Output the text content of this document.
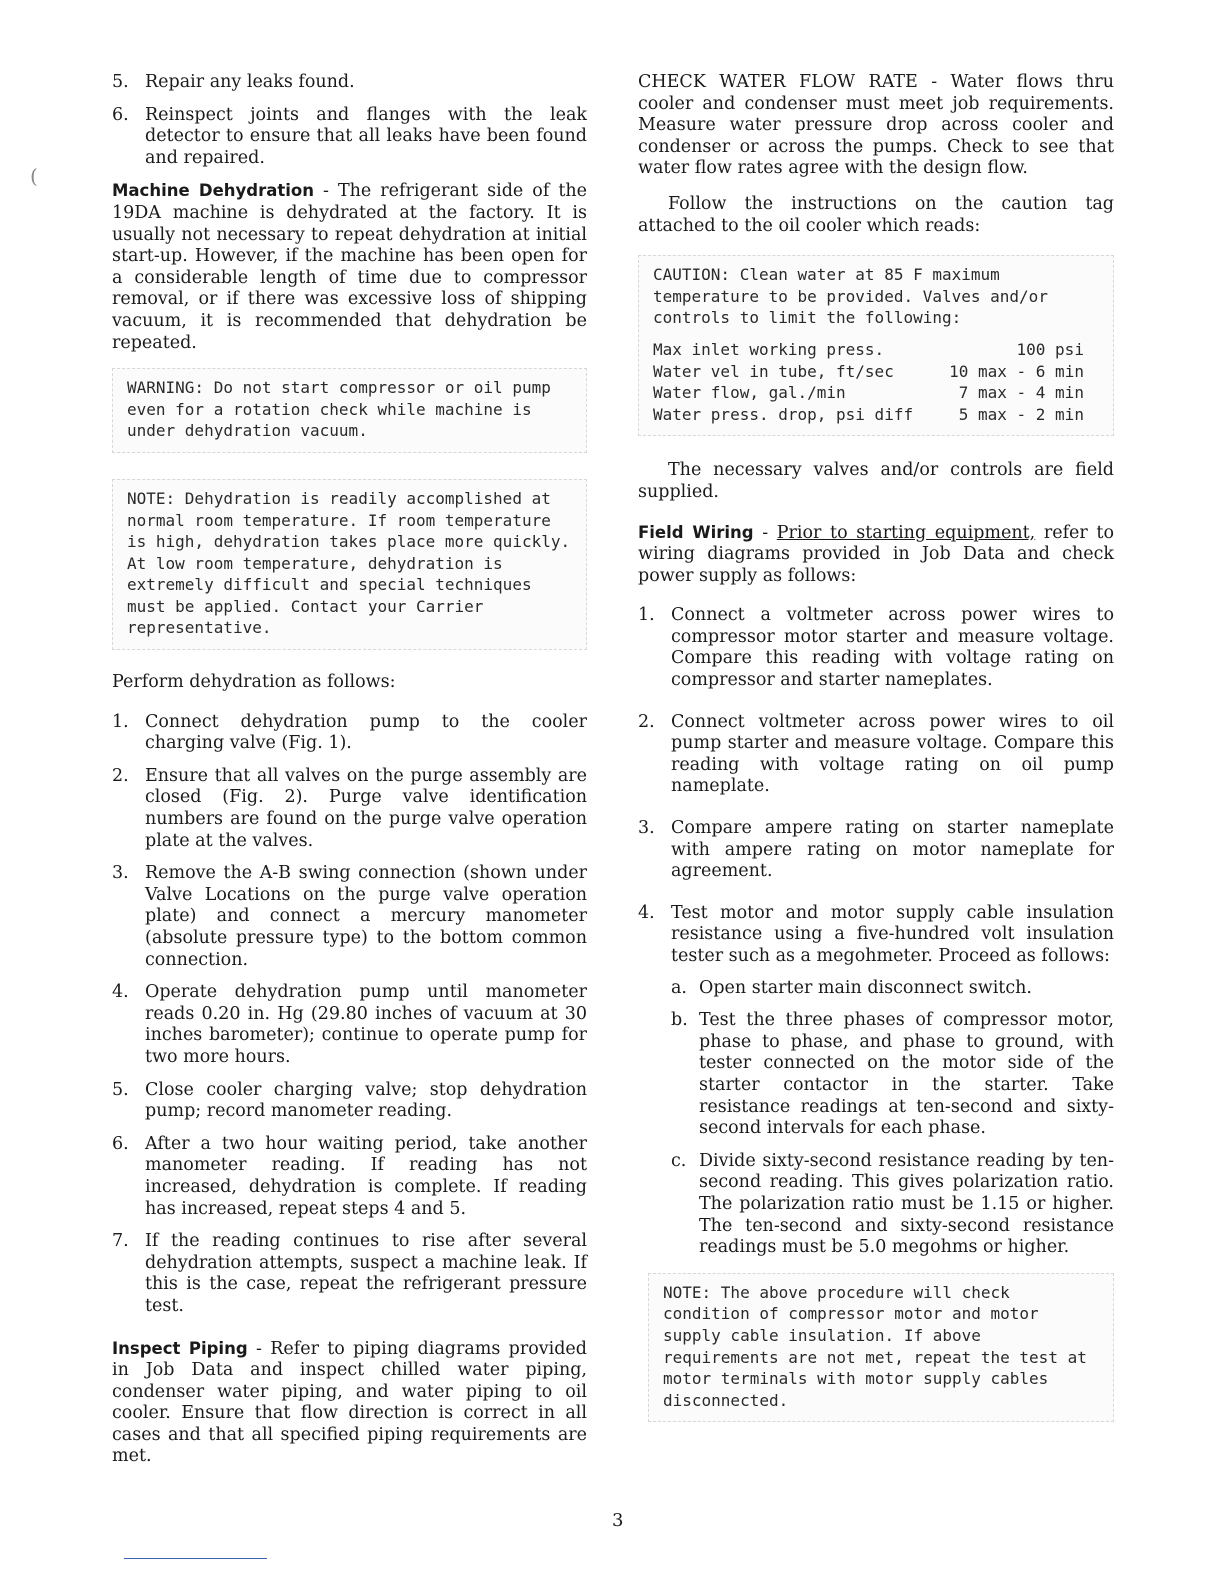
(
5. Repair any leaks found.
6. Reinspect joints and flanges with the leak detector to ensure that all leaks have been found and repaired.

Machine Dehydration - The refrigerant side of the 19DA machine is dehydrated at the factory. It is usually not necessary to repeat dehydration at initial start-up. However, if the machine has been open for a considerable length of time due to compressor removal, or if there was excessive loss of shipping vacuum, it is recommended that dehydration be repeated.

WARNING: Do not start compressor or oil pump even for a rotation check while machine is under dehydration vacuum.

NOTE: Dehydration is readily accomplished at normal room temperature. If room temperature is high, dehydration takes place more quickly. At low room temperature, dehydration is extremely difficult and special techniques must be applied. Contact your Carrier representative.

Perform dehydration as follows:

1. Connect dehydration pump to the cooler charging valve (Fig. 1).
2. Ensure that all valves on the purge assembly are closed (Fig. 2). Purge valve identification numbers are found on the purge valve operation plate at the valves.
3. Remove the A-B swing connection (shown under Valve Locations on the purge valve operation plate) and connect a mercury manometer (absolute pressure type) to the bottom common connection.
4. Operate dehydration pump until manometer reads 0.20 in. Hg (29.80 inches of vacuum at 30 inches barometer); continue to operate pump for two more hours.
5. Close cooler charging valve; stop dehydration pump; record manometer reading.
6. After a two hour waiting period, take another manometer reading. If reading has not increased, dehydration is complete. If reading has increased, repeat steps 4 and 5.
7. If the reading continues to rise after several dehydration attempts, suspect a machine leak. If this is the case, repeat the refrigerant pressure test.

Inspect Piping - Refer to piping diagrams provided in Job Data and inspect chilled water piping, condenser water piping, and water piping to oil cooler. Ensure that flow direction is correct in all cases and that all specified piping requirements are met.

CHECK WATER FLOW RATE - Water flows thru cooler and condenser must meet job requirements. Measure water pressure drop across cooler and condenser or across the pumps. Check to see that water flow rates agree with the design flow.

Follow the instructions on the caution tag attached to the oil cooler which reads:

CAUTION: Clean water at 85 F maximum temperature to be provided. Valves and/or controls to limit the following:

Max inlet working press.	100 psi
Water vel in tube, ft/sec	10 max - 6 min
Water flow, gal./min	7 max - 4 min
Water press. drop, psi diff	5 max - 2 min

The necessary valves and/or controls are field supplied.

Field Wiring - Prior to starting equipment, refer to wiring diagrams provided in Job Data and check power supply as follows:

1. Connect a voltmeter across power wires to compressor motor starter and measure voltage. Compare this reading with voltage rating on compressor and starter nameplates.
2. Connect voltmeter across power wires to oil pump starter and measure voltage. Compare this reading with voltage rating on oil pump nameplate.
3. Compare ampere rating on starter nameplate with ampere rating on motor nameplate for agreement.
4. Test motor and motor supply cable insulation resistance using a five-hundred volt insulation tester such as a megohmeter. Proceed as follows:
a. Open starter main disconnect switch.
b. Test the three phases of compressor motor, phase to phase, and phase to ground, with tester connected on the motor side of the starter contactor in the starter. Take resistance readings at ten-second and sixty-second intervals for each phase.
c. Divide sixty-second resistance reading by ten-second reading. This gives polarization ratio. The polarization ratio must be 1.15 or higher. The ten-second and sixty-second resistance readings must be 5.0 megohms or higher.

NOTE: The above procedure will check condition of compressor motor and motor supply cable insulation. If above requirements are not met, repeat the test at motor terminals with motor supply cables disconnected.

3
